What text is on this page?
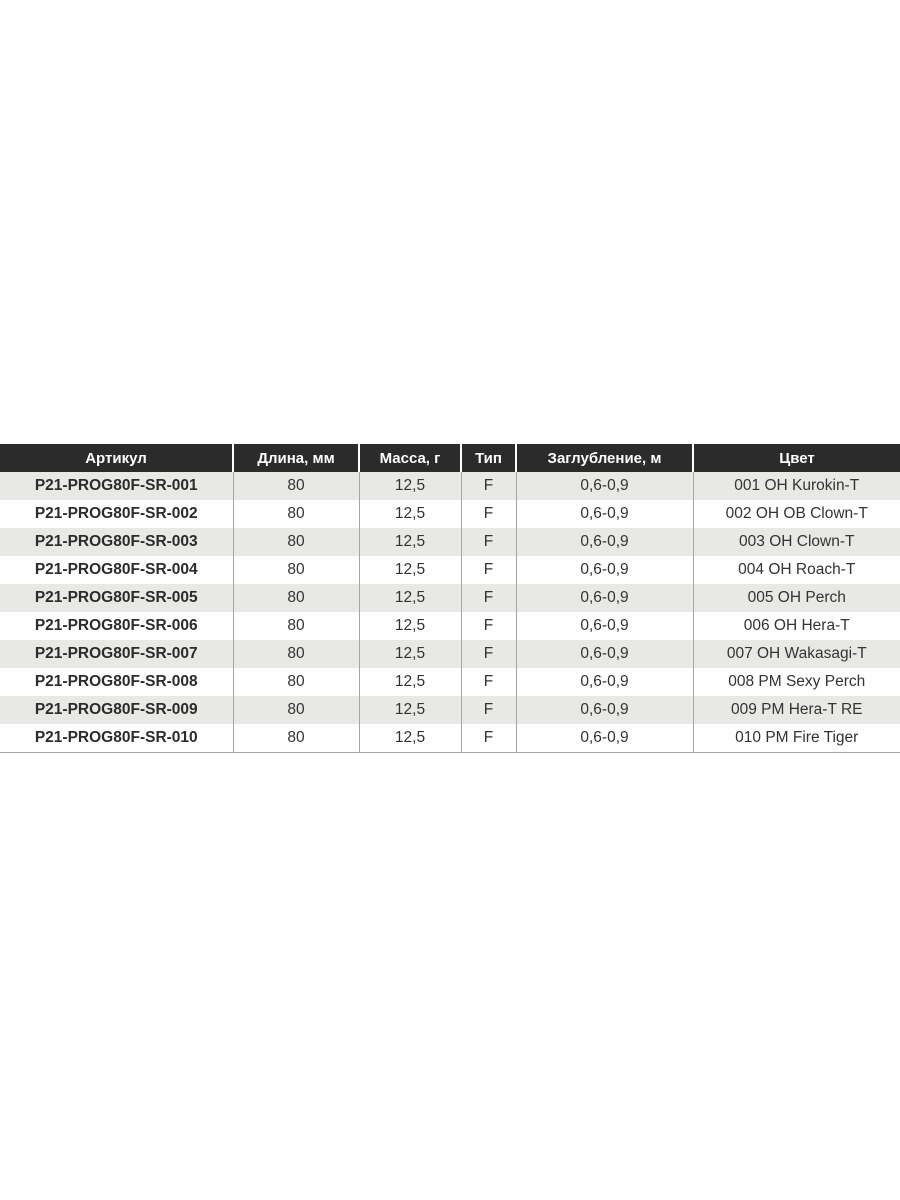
Артикул	Длина, мм	Масса, г	Тип	Заглубление, м	Цвет
P21-PROG80F-SR-001	80	12,5	F	0,6-0,9	001 OH Kurokin-T
P21-PROG80F-SR-002	80	12,5	F	0,6-0,9	002 OH OB Clown-T
P21-PROG80F-SR-003	80	12,5	F	0,6-0,9	003 OH Clown-T
P21-PROG80F-SR-004	80	12,5	F	0,6-0,9	004 OH Roach-T
P21-PROG80F-SR-005	80	12,5	F	0,6-0,9	005 OH Perch
P21-PROG80F-SR-006	80	12,5	F	0,6-0,9	006 OH Hera-T
P21-PROG80F-SR-007	80	12,5	F	0,6-0,9	007 OH Wakasagi-T
P21-PROG80F-SR-008	80	12,5	F	0,6-0,9	008 PM Sexy Perch
P21-PROG80F-SR-009	80	12,5	F	0,6-0,9	009 PM Hera-T RE
P21-PROG80F-SR-010	80	12,5	F	0,6-0,9	010 PM Fire Tiger
